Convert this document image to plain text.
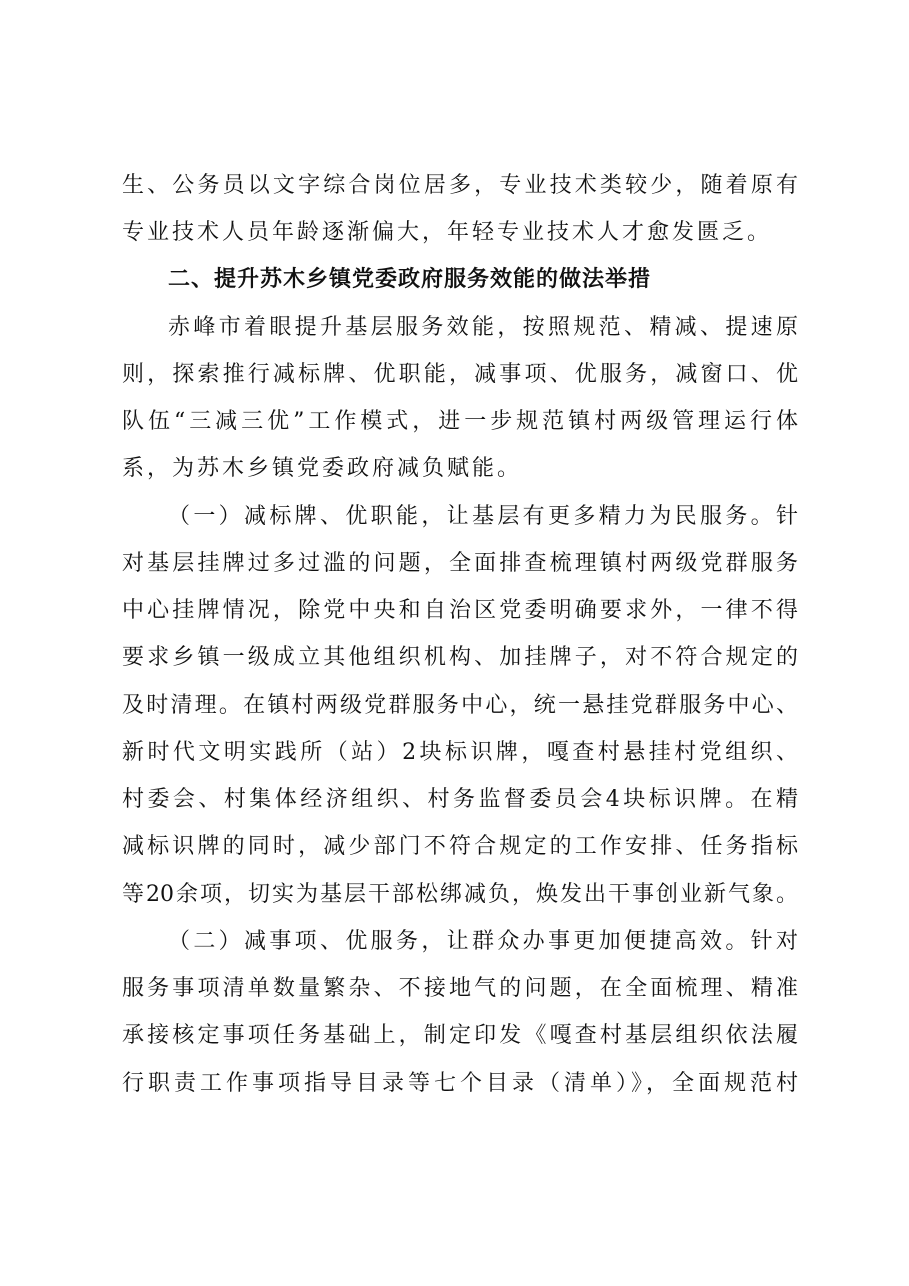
生、公务员以文字综合岗位居多，专业技术类较少，随着原有
专业技术人员年龄逐渐偏大，年轻专业技术人才愈发匮乏。
二、提升苏木乡镇党委政府服务效能的做法举措
赤峰市着眼提升基层服务效能，按照规范、精减、提速原
则，探索推行减标牌、优职能，减事项、优服务，减窗口、优
队伍“三减三优”工作模式，进一步规范镇村两级管理运行体
系，为苏木乡镇党委政府减负赋能。
（一）减标牌、优职能，让基层有更多精力为民服务。针
对基层挂牌过多过滥的问题，全面排查梳理镇村两级党群服务
中心挂牌情况，除党中央和自治区党委明确要求外，一律不得
要求乡镇一级成立其他组织机构、加挂牌子，对不符合规定的
及时清理。在镇村两级党群服务中心，统一悬挂党群服务中心、
新时代文明实践所（站）2块标识牌，嘎查村悬挂村党组织、
村委会、村集体经济组织、村务监督委员会4块标识牌。在精
减标识牌的同时，减少部门不符合规定的工作安排、任务指标
等20余项，切实为基层干部松绑减负，焕发出干事创业新气象。
（二）减事项、优服务，让群众办事更加便捷高效。针对
服务事项清单数量繁杂、不接地气的问题，在全面梳理、精准
承接核定事项任务基础上，制定印发《嘎查村基层组织依法履
行职责工作事项指导目录等七个目录（清单）》，全面规范村
